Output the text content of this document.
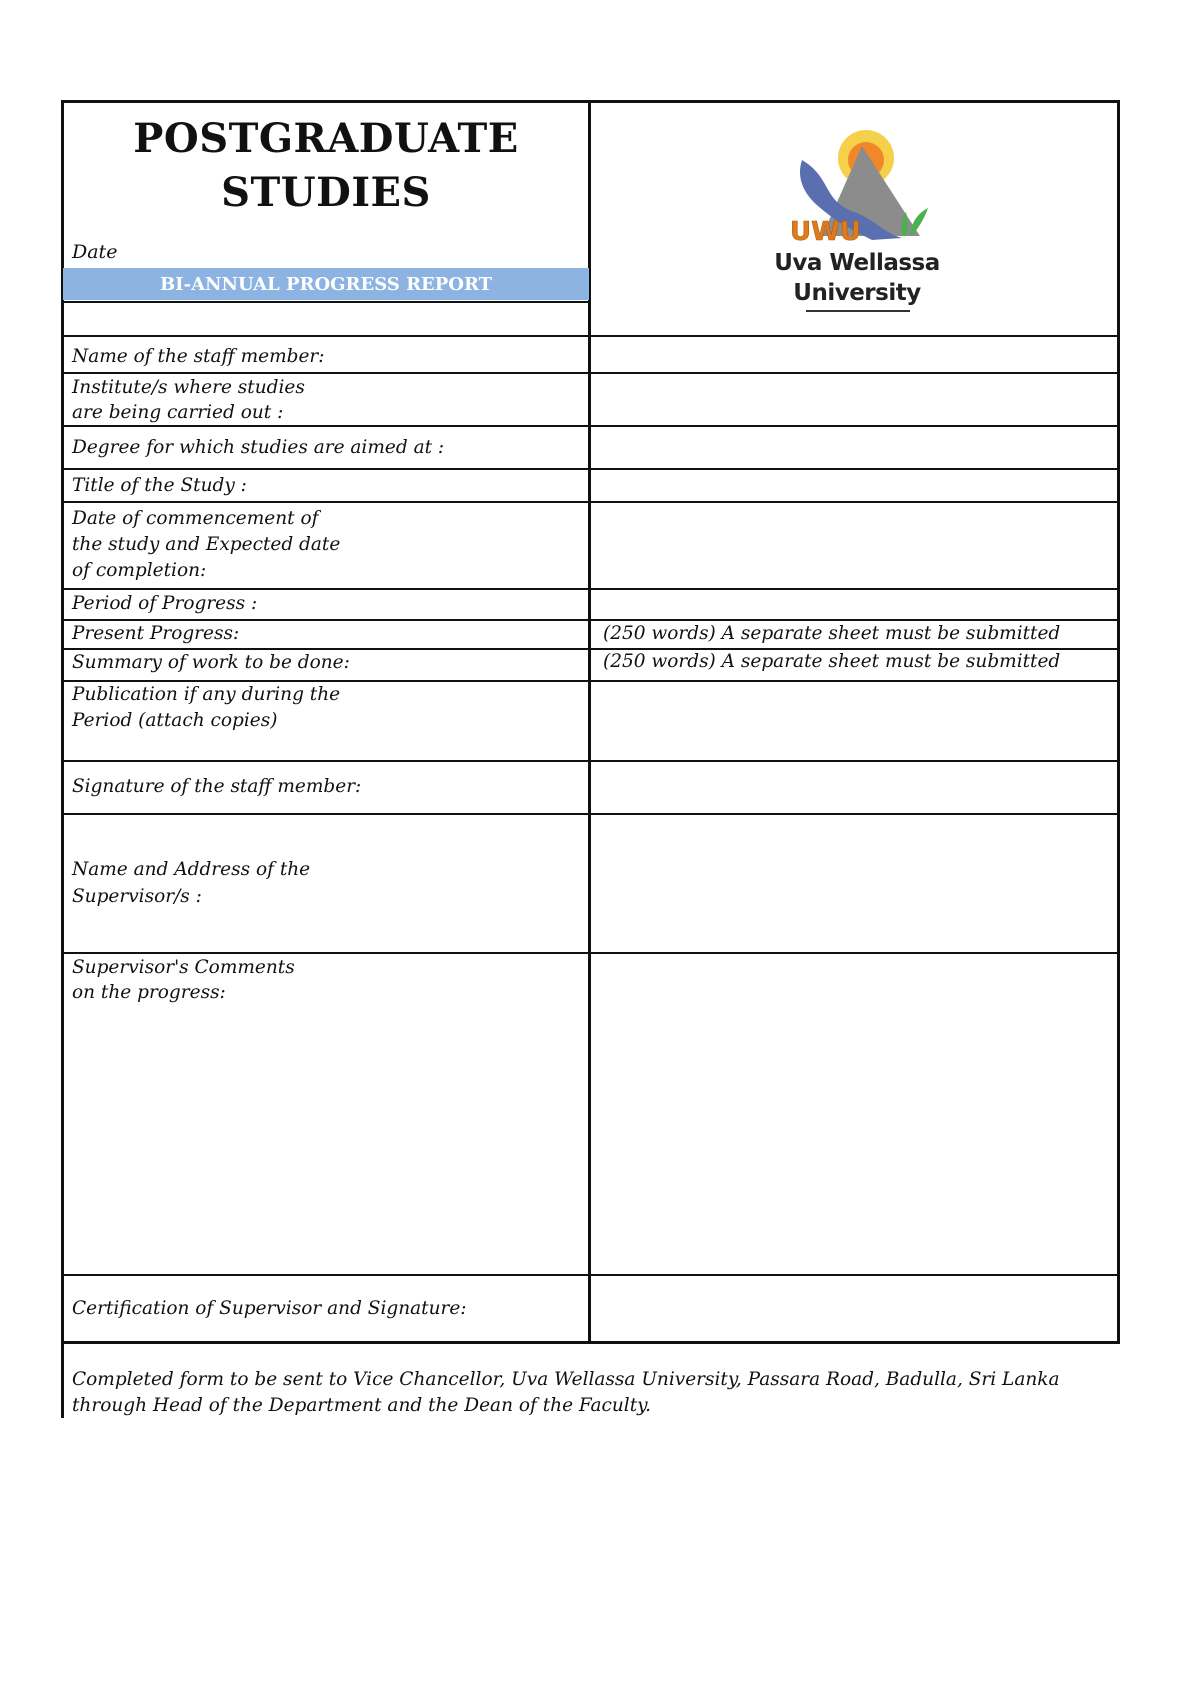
POSTGRADUATE
STUDIES
Date
BI-ANNUAL PROGRESS REPORT
UWU
Uva Wellassa
University
Name of the staff member:
Institute/s where studies
are being carried out :
Degree for which studies are aimed at :
Title of the Study :
Date of commencement of
the study and Expected date
of completion:
Period of Progress :
Present Progress:	(250 words) A separate sheet must be submitted
Summary of work to be done:	(250 words) A separate sheet must be submitted
Publication if any during the
Period (attach copies)
Signature of the staff member:
Name and Address of the
Supervisor/s :
Supervisor's Comments
on the progress:
Certification of Supervisor and Signature:
Completed form to be sent to Vice Chancellor, Uva Wellassa University, Passara Road, Badulla, Sri Lanka
through Head of the Department and the Dean of the Faculty.
